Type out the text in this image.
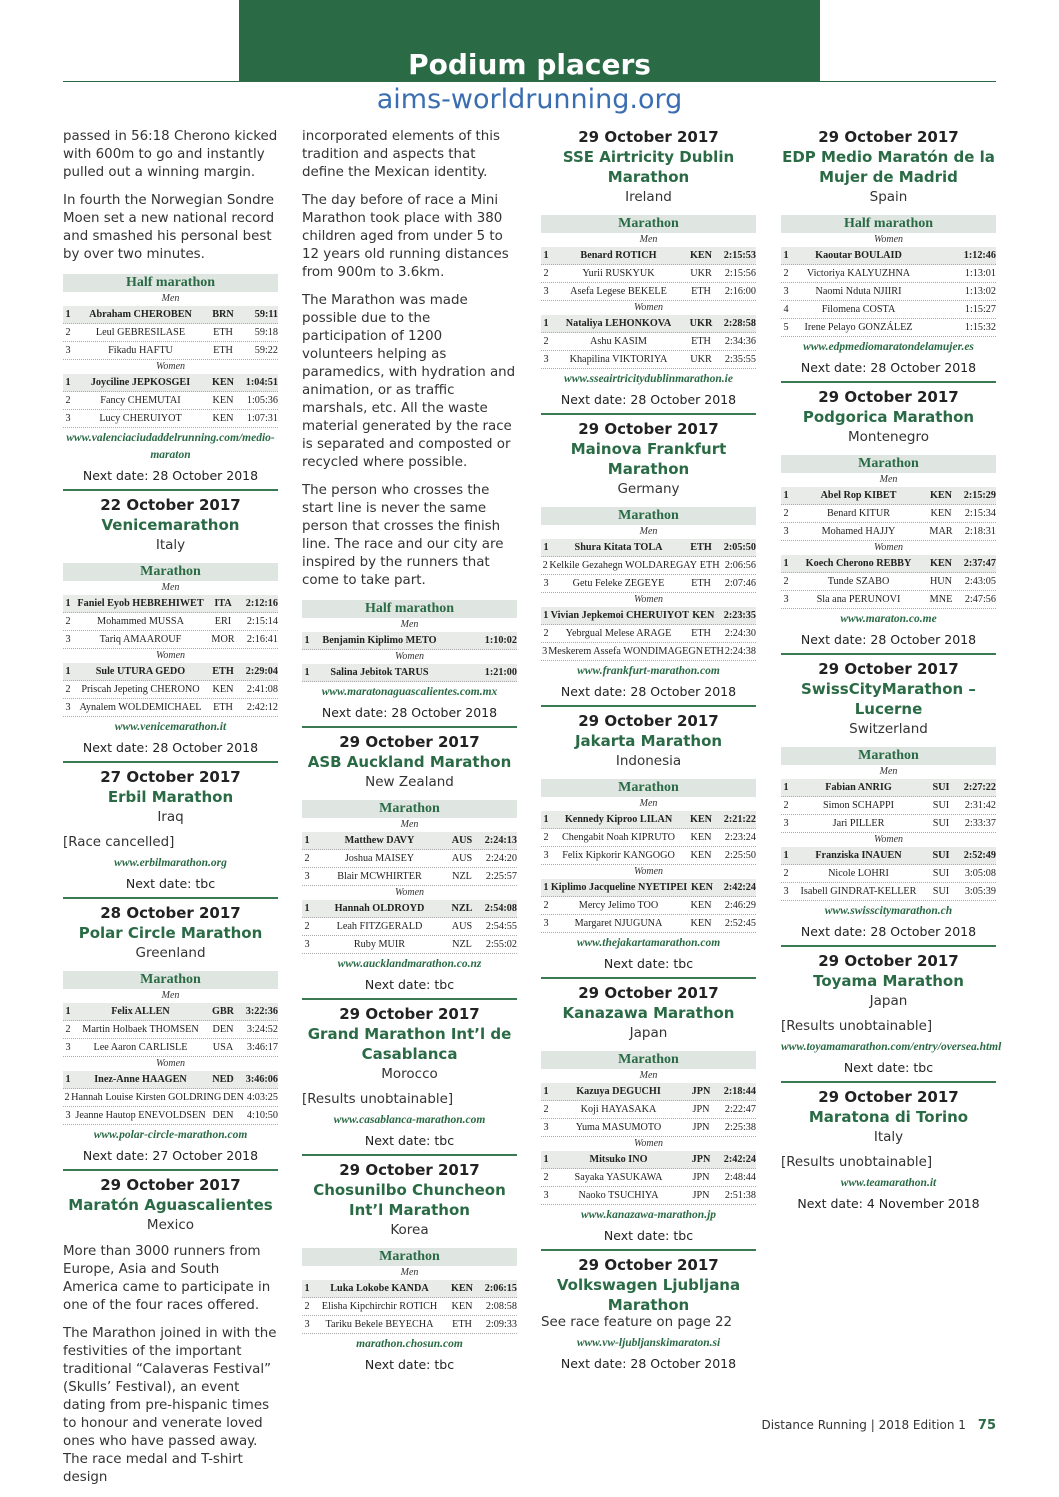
Podium placers
aims-worldrunning.org

passed in 56:18 Cherono kicked with 600m to go and instantly pulled out a winning margin.

In fourth the Norwegian Sondre Moen set a new national record and smashed his personal best by over two minutes.

Half marathon
Men
1	Abraham CHEROBEN	BRN	59:11
2	Leul GEBRESILASE	ETH	59:18
3	Fikadu HAFTU	ETH	59:22
Women
1	Joyciline JEPKOSGEI	KEN	1:04:51
2	Fancy CHEMUTAI	KEN	1:05:36
3	Lucy CHERUIYOT	KEN	1:07:31
www.valenciaciudaddelrunning.com/medio-maraton
Next date: 28 October 2018
22 October 2017
Venicemarathon
Italy
Marathon
Men
1 Faniel Eyob HEBREHIWET	ITA	2:12:16
2	Mohammed MUSSA	ERI	2:15:14
3	Tariq AMAAROUF	MOR	2:16:41
Women
1	Sule UTURA GEDO	ETH	2:29:04
2	Priscah Jepeting CHERONO	KEN	2:41:08
3 Aynalem WOLDEMICHAEL	ETH	2:42:12
www.venicemarathon.it
Next date: 28 October 2018
27 October 2017
Erbil Marathon
Iraq
[Race cancelled]
www.erbilmarathon.org
Next date: tbc
28 October 2017
Polar Circle Marathon
Greenland
Marathon
Men
1	Felix ALLEN	GBR	3:22:36
2	Martin Holbaek THOMSEN	DEN	3:24:52
3	Lee Aaron CARLISLE	USA	3:46:17
Women
1	Inez-Anne HAAGEN	NED	3:46:06
2 Hannah Louise Kirsten GOLDRING DEN 4:03:25
3 Jeanne Hautop ENEVOLDSEN DEN	4:10:50
www.polar-circle-marathon.com
Next date: 27 October 2018
29 October 2017
Maratón Aguascalientes
Mexico

More than 3000 runners from Europe, Asia and South America came to participate in one of the four races offered.

The Marathon joined in with the festivities of the important traditional “Calaveras Festival” (Skulls’ Festival), an event dating from pre-hispanic times to honour and venerate loved ones who have passed away. The race medal and T-shirt design

incorporated elements of this tradition and aspects that define the Mexican identity.

The day before of race a Mini Marathon took place with 380 children aged from under 5 to 12 years old running distances from 900m to 3.6km.

The Marathon was made possible due to the participation of 1200 volunteers helping as paramedics, with hydration and animation, or as traffic marshals, etc. All the waste material generated by the race is separated and composted or recycled where possible.

The person who crosses the start line is never the same person that crosses the finish line. The race and our city are inspired by the runners that come to take part.

Half marathon
Men
1	Benjamin Kiplimo METO	1:10:02
Women
1	Salina Jebitok TARUS	1:21:00
www.maratonaguascalientes.com.mx
Next date: 28 October 2018
29 October 2017
ASB Auckland Marathon
New Zealand
Marathon
Men
1	Matthew DAVY	AUS	2:24:13
2	Joshua MAISEY	AUS	2:24:20
3	Blair MCWHIRTER	NZL	2:25:57
Women
1	Hannah OLDROYD	NZL	2:54:08
2	Leah FITZGERALD	AUS	2:54:55
3	Ruby MUIR	NZL	2:55:02
www.aucklandmarathon.co.nz
Next date: tbc
29 October 2017
Grand Marathon Int’l de Casablanca
Morocco
[Results unobtainable]
www.casablanca-marathon.com
Next date: tbc
29 October 2017
Chosunilbo Chuncheon Int’l Marathon
Korea
Marathon
Men
1	Luka Lokobe KANDA	KEN	2:06:15
2	Elisha Kipchirchir ROTICH	KEN	2:08:58
3	Tariku Bekele BEYECHA	ETH	2:09:33
marathon.chosun.com
Next date: tbc
29 October 2017
SSE Airtricity Dublin Marathon
Ireland
Marathon
Men
1	Benard ROTICH	KEN	2:15:53
2	Yurii RUSKYUK	UKR	2:15:56
3	Asefa Legese BEKELE	ETH	2:16:00
Women
1	Nataliya LEHONKOVA	UKR	2:28:58
2	Ashu KASIM	ETH	2:34:36
3	Khapilina VIKTORIYA	UKR	2:35:55
www.sseairtricitydublinmarathon.ie
Next date: 28 October 2018
29 October 2017
Mainova Frankfurt Marathon
Germany
Marathon
Men
1	Shura Kitata TOLA	ETH	2:05:50
2 Kelkile Gezahegn WOLDAREGAY ETH 2:06:56
3	Getu Feleke ZEGEYE	ETH	2:07:46
Women
1 Vivian Jepkemoi CHERUIYOT KEN 2:23:35
2	Yebrgual Melese ARAGE	ETH	2:24:30
3 Meskerem Assefa WONDIMAGEGN ETH 2:24:38
www.frankfurt-marathon.com
Next date: 28 October 2018
29 October 2017
Jakarta Marathon
Indonesia
Marathon
Men
1	Kennedy Kiproo LILAN	KEN	2:21:22
2	Chengabit Noah KIPRUTO	KEN	2:23:24
3	Felix Kipkorir KANGOGO	KEN	2:25:50
Women
1 Kiplimo Jacqueline NYETIPEI KEN	2:42:24
2	Mercy Jelimo TOO	KEN	2:46:29
3	Margaret NJUGUNA	KEN	2:52:45
www.thejakartamarathon.com
Next date: tbc
29 October 2017
Kanazawa Marathon
Japan
Marathon
Men
1	Kazuya DEGUCHI	JPN	2:18:44
2	Koji HAYASAKA	JPN	2:22:47
3	Yuma MASUMOTO	JPN	2:25:38
Women
1	Mitsuko INO	JPN	2:42:24
2	Sayaka YASUKAWA	JPN	2:48:44
3	Naoko TSUCHIYA	JPN	2:51:38
www.kanazawa-marathon.jp
Next date: tbc
29 October 2017
Volkswagen Ljubljana Marathon
See race feature on page 22
www.vw-ljubljanskimaraton.si
Next date: 28 October 2018
29 October 2017
EDP Medio Maratón de la Mujer de Madrid
Spain
Half marathon
Women
1	Kaoutar BOULAID	1:12:46
2	Victoriya KALYUZHNA	1:13:01
3	Naomi Nduta NJIIRI	1:13:02
4	Filomena COSTA	1:15:27
5	Irene Pelayo GONZÁLEZ	1:15:32
www.edpmediomaratondelamujer.es
Next date: 28 October 2018
29 October 2017
Podgorica Marathon
Montenegro
Marathon
Men
1	Abel Rop KIBET	KEN	2:15:29
2	Benard KITUR	KEN	2:15:34
3	Mohamed HAJJY	MAR	2:18:31
Women
1	Koech Cherono REBBY	KEN	2:37:47
2	Tunde SZABO	HUN	2:43:05
3	Sla ana PERUNOVI	MNE	2:47:56
www.maraton.co.me
Next date: 28 October 2018
29 October 2017
SwissCityMarathon – Lucerne
Switzerland
Marathon
Men
1	Fabian ANRIG	SUI	2:27:22
2	Simon SCHAPPI	SUI	2:31:42
3	Jari PILLER	SUI	2:33:37
Women
1	Franziska INAUEN	SUI	2:52:49
2	Nicole LOHRI	SUI	3:05:08
3	Isabell GINDRAT-KELLER	SUI	3:05:39
www.swisscitymarathon.ch
Next date: 28 October 2018
29 October 2017
Toyama Marathon
Japan
[Results unobtainable]
www.toyamamarathon.com/entry/oversea.html
Next date: tbc
29 October 2017
Maratona di Torino
Italy
[Results unobtainable]
www.teamarathon.it
Next date: 4 November 2018
Distance Running | 2018 Edition 1 75
